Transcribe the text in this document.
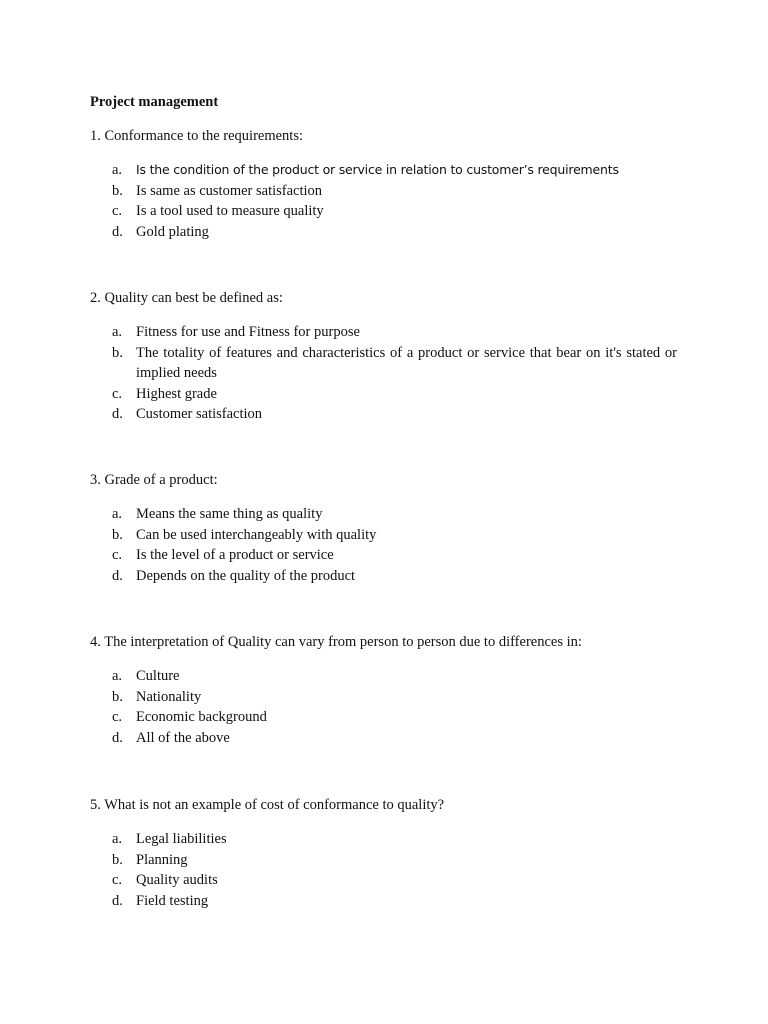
Project management

1. Conformance to the requirements:

a. Is the condition of the product or service in relation to customer’s requirements
b. Is same as customer satisfaction
c. Is a tool used to measure quality
d. Gold plating

2. Quality can best be defined as:

a. Fitness for use and Fitness for purpose
b. The totality of features and characteristics of a product or service that bear on it's stated or implied needs
c. Highest grade
d. Customer satisfaction

3. Grade of a product:

a. Means the same thing as quality
b. Can be used interchangeably with quality
c. Is the level of a product or service
d. Depends on the quality of the product

4. The interpretation of Quality can vary from person to person due to differences in:

a. Culture
b. Nationality
c. Economic background
d. All of the above

5. What is not an example of cost of conformance to quality?

a. Legal liabilities
b. Planning
c. Quality audits
d. Field testing
